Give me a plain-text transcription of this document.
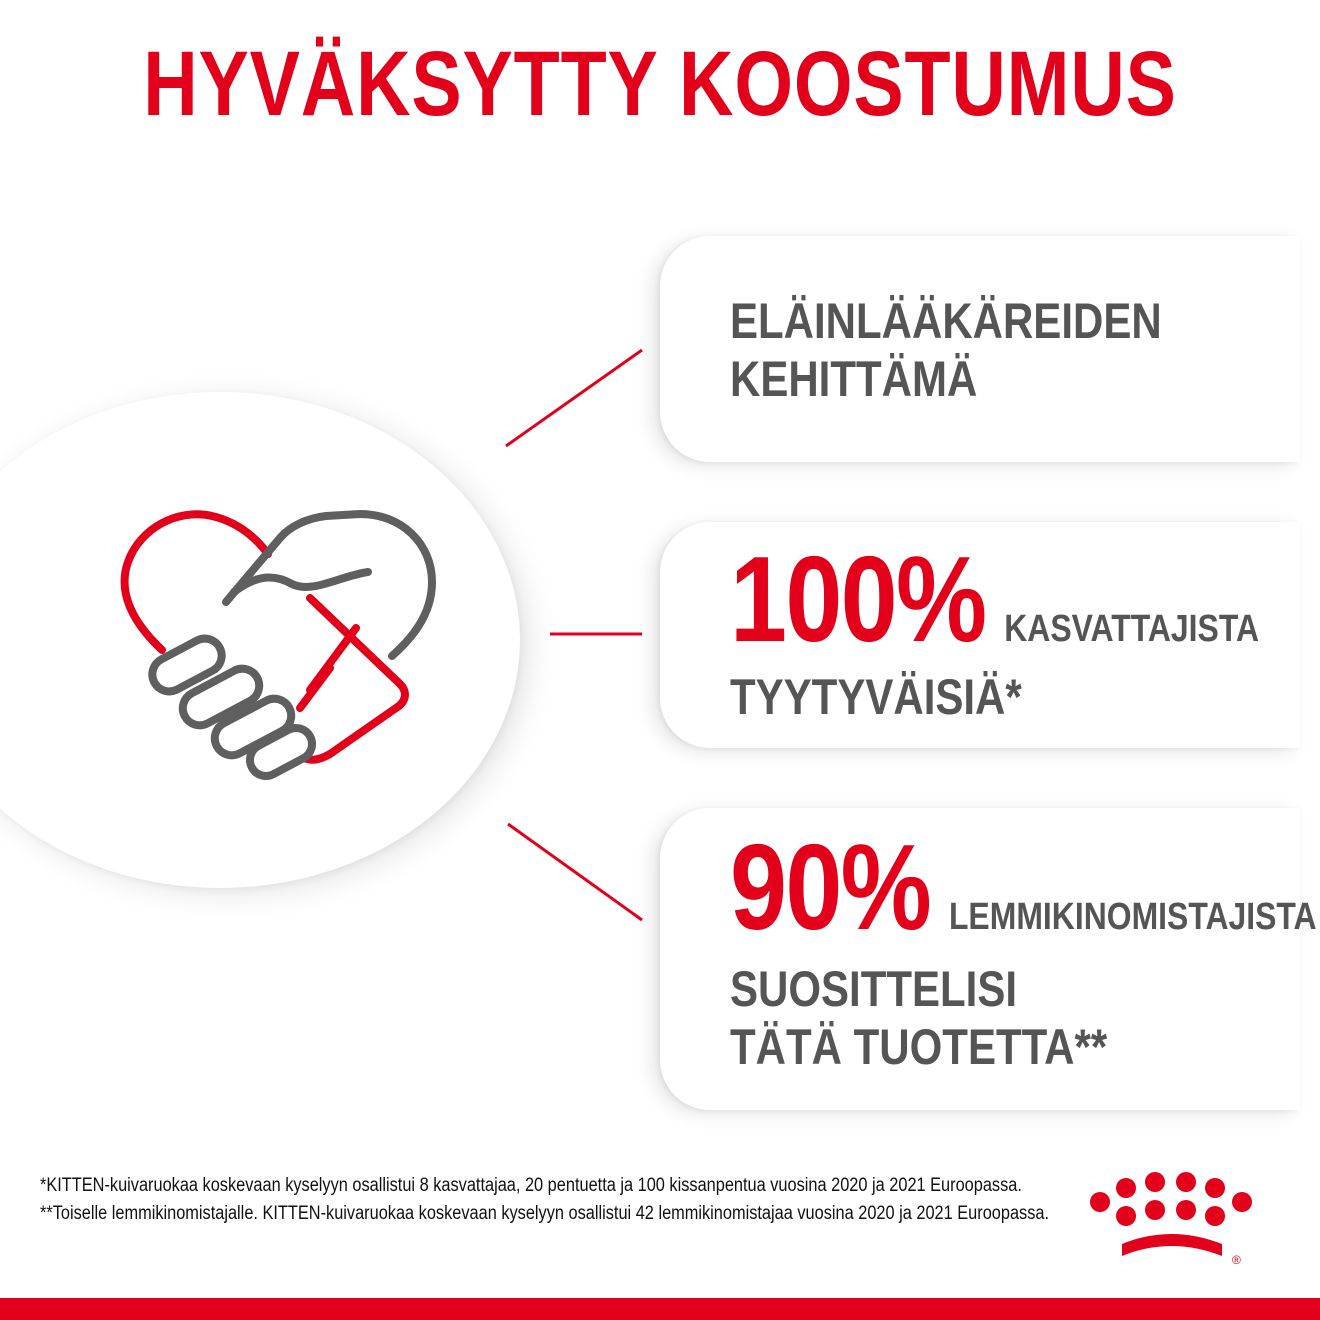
HYVÄKSYTTY KOOSTUMUS
ELÄINLÄÄKÄREIDEN
KEHITTÄMÄ
100% KASVATTAJISTA
TYYTYVÄISIÄ*
90% LEMMIKINOMISTAJISTA
SUOSITTELISI
TÄTÄ TUOTETTA**
*KITTEN-kuivaruokaa koskevaan kyselyyn osallistui 8 kasvattajaa, 20 pentuetta ja 100 kissanpentua vuosina 2020 ja 2021 Euroopassa.
**Toiselle lemmikinomistajalle. KITTEN-kuivaruokaa koskevaan kyselyyn osallistui 42 lemmikinomistajaa vuosina 2020 ja 2021 Euroopassa.
®
